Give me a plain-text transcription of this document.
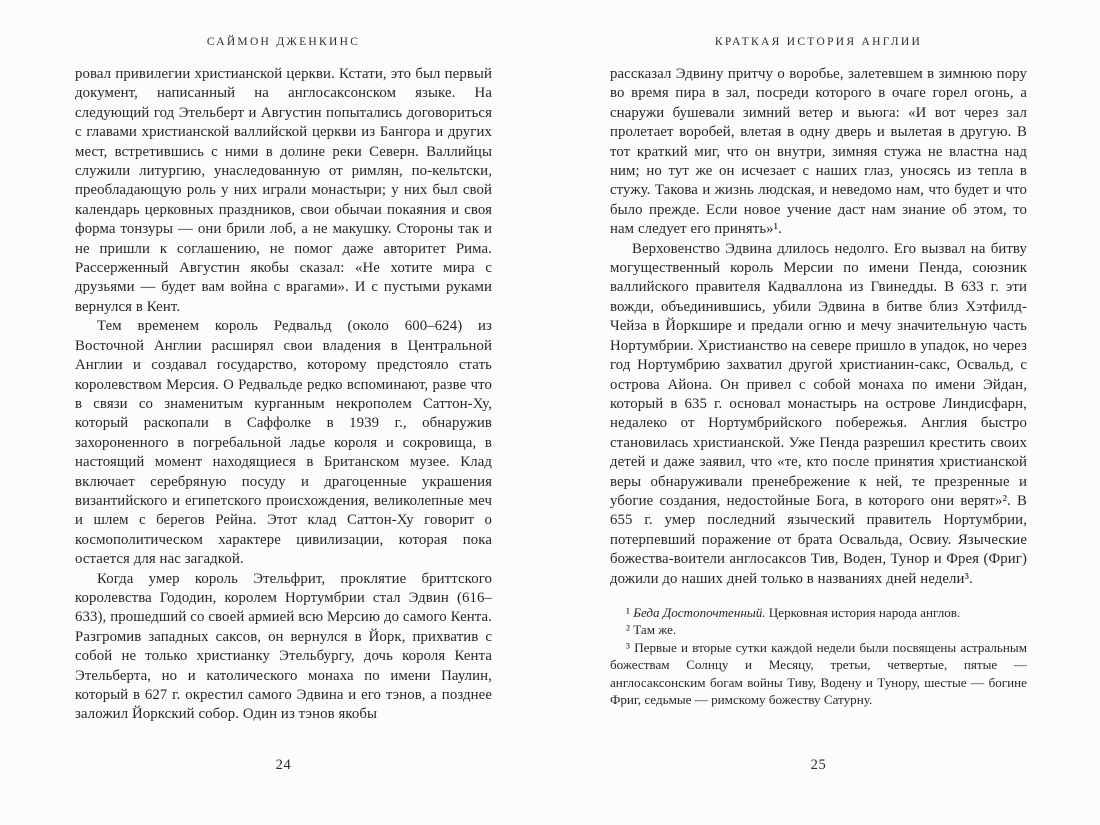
САЙМОН ДЖЕНКИНС

ровал привилегии христианской церкви. Кстати, это был первый документ, написанный на англосаксонском языке. На следующий год Этельберт и Августин попытались договориться с главами христианской валлийской церкви из Бангора и других мест, встретившись с ними в долине реки Северн. Валлийцы служили литургию, унаследованную от римлян, по-кельтски, преобладающую роль у них играли монастыри; у них был свой календарь церковных праздников, свои обычаи покаяния и своя форма тонзуры — они брили лоб, а не макушку. Стороны так и не пришли к соглашению, не помог даже авторитет Рима. Рассерженный Августин якобы сказал: «Не хотите мира с друзьями — будет вам война с врагами». И с пустыми руками вернулся в Кент.

Тем временем король Редвальд (около 600–624) из Восточной Англии расширял свои владения в Центральной Англии и создавал государство, которому предстояло стать королевством Мерсия. О Редвальде редко вспоминают, разве что в связи со знаменитым курганным некрополем Саттон-Ху, который раскопали в Саффолке в 1939 г., обнаружив захороненного в погребальной ладье короля и сокровища, в настоящий момент находящиеся в Британском музее. Клад включает серебряную посуду и драгоценные украшения византийского и египетского происхождения, великолепные меч и шлем с берегов Рейна. Этот клад Саттон-Ху говорит о космополитическом характере цивилизации, которая пока остается для нас загадкой.

Когда умер король Этельфрит, проклятие бриттского королевства Гододин, королем Нортумбрии стал Эдвин (616–633), прошедший со своей армией всю Мерсию до самого Кента. Разгромив западных саксов, он вернулся в Йорк, прихватив с собой не только христианку Этельбургу, дочь короля Кента Этельберта, но и католического монаха по имени Паулин, который в 627 г. окрестил самого Эдвина и его тэнов, а позднее заложил Йоркский собор. Один из тэнов якобы

24
КРАТКАЯ ИСТОРИЯ АНГЛИИ

рассказал Эдвину притчу о воробье, залетевшем в зимнюю пору во время пира в зал, посреди которого в очаге горел огонь, а снаружи бушевали зимний ветер и вьюга: «И вот через зал пролетает воробей, влетая в одну дверь и вылетая в другую. В тот краткий миг, что он внутри, зимняя стужа не властна над ним; но тут же он исчезает с наших глаз, уносясь из тепла в стужу. Такова и жизнь людская, и неведомо нам, что будет и что было прежде. Если новое учение даст нам знание об этом, то нам следует его принять»¹.

Верховенство Эдвина длилось недолго. Его вызвал на битву могущественный король Мерсии по имени Пенда, союзник валлийского правителя Кадваллона из Гвинедды. В 633 г. эти вожди, объединившись, убили Эдвина в битве близ Хэтфилд-Чейза в Йоркшире и предали огню и мечу значительную часть Нортумбрии. Христианство на севере пришло в упадок, но через год Нортумбрию захватил другой христианин-сакс, Освальд, с острова Айона. Он привел с собой монаха по имени Эйдан, который в 635 г. основал монастырь на острове Линдисфарн, недалеко от Нортумбрийского побережья. Англия быстро становилась христианской. Уже Пенда разрешил крестить своих детей и даже заявил, что «те, кто после принятия христианской веры обнаруживали пренебрежение к ней, те презренные и убогие создания, недостойные Бога, в которого они верят»². В 655 г. умер последний языческий правитель Нортумбрии, потерпевший поражение от брата Освальда, Освиу. Языческие божества-воители англосаксов Тив, Воден, Тунор и Фрея (Фриг) дожили до наших дней только в названиях дней недели³.

¹ Беда Достопочтенный. Церковная история народа англов.

² Там же.

³ Первые и вторые сутки каждой недели были посвящены астральным божествам Солнцу и Месяцу, третьи, четвертые, пятые — англосаксонским богам войны Тиву, Водену и Тунору, шестые — богине Фриг, седьмые — римскому божеству Сатурну.

25
